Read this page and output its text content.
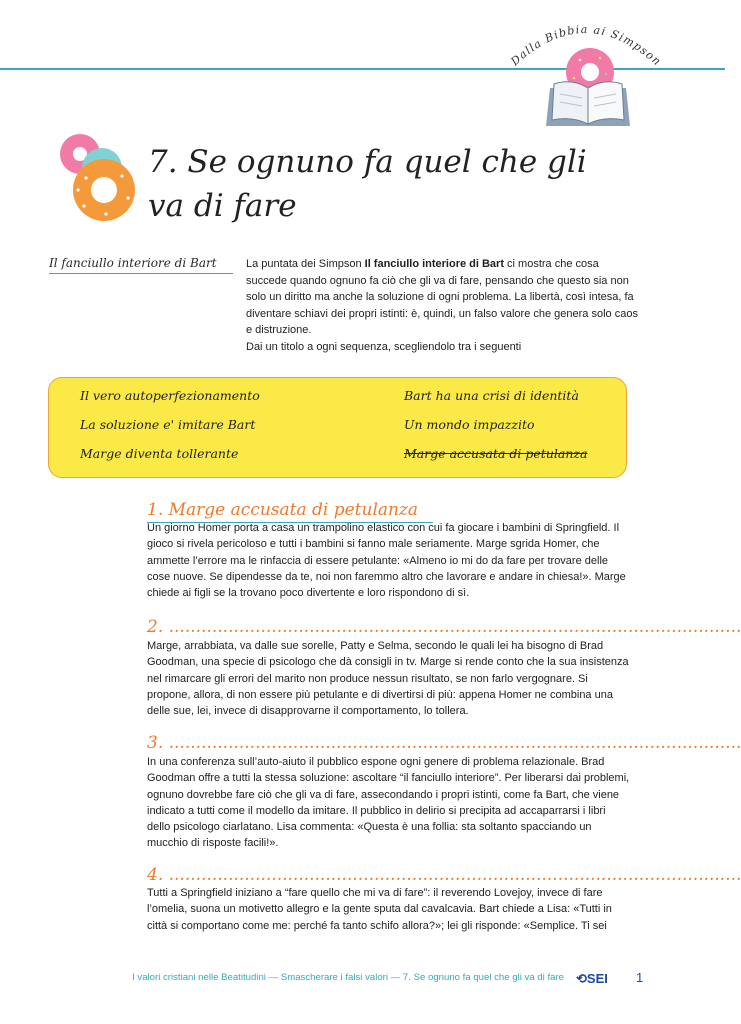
Dalla Bibbia ai Simpson
7. Se ognuno fa quel che gli
va di fare
Il fanciullo interiore di Bart	La puntata dei Simpson Il fanciullo interiore di Bart ci mostra che cosa succede quando ognuno fa ciò che gli va di fare, pensando che questo sia non solo un diritto ma anche la soluzione di ogni problema. La libertà, così intesa, fa diventare schiavi dei propri istinti: è, quindi, un falso valore che genera solo caos e distruzione.
Dai un titolo a ogni sequenza, scegliendolo tra i seguenti
Il vero autoperfezionamento
La soluzione e' imitare Bart
Marge diventa tollerante
Bart ha una crisi di identità
Un mondo impazzito
Marge accusata di petulanza
1. Marge accusata di petulanza
Un giorno Homer porta a casa un trampolino elastico con cui fa giocare i bambini di Springfield. Il gioco si rivela pericoloso e tutti i bambini si fanno male seriamente. Marge sgrida Homer, che ammette l’errore ma le rinfaccia di essere petulante: «Almeno io mi do da fare per trovare delle cose nuove. Se dipendesse da te, noi non faremmo altro che lavorare e andare in chiesa!». Marge chiede ai figli se la trovano poco divertente e loro rispondono di sì.
2. ..........................................................................................................
Marge, arrabbiata, va dalle sue sorelle, Patty e Selma, secondo le quali lei ha bisogno di Brad Goodman, una specie di psicologo che dà consigli in tv. Marge si rende conto che la sua insistenza nel rimarcare gli errori del marito non produce nessun risultato, se non farlo vergognare. Si propone, allora, di non essere più petulante e di divertirsi di più: appena Homer ne combina una delle sue, lei, invece di disapprovarne il comportamento, lo tollera.
3. ..........................................................................................................
In una conferenza sull’auto-aiuto il pubblico espone ogni genere di problema relazionale. Brad Goodman offre a tutti la stessa soluzione: ascoltare “il fanciullo interiore”. Per liberarsi dai problemi, ognuno dovrebbe fare ciò che gli va di fare, assecondando i propri istinti, come fa Bart, che viene indicato a tutti come il modello da imitare. Il pubblico in delirio si precipita ad accaparrarsi i libri dello psicologo ciarlatano. Lisa commenta: «Questa è una follia: sta soltanto spacciando un mucchio di risposte facili!».
4. ..........................................................................................................
Tutti a Springfield iniziano a “fare quello che mi va di fare”: il reverendo Lovejoy, invece di fare l’omelia, suona un motivetto allegro e la gente sputa dal cavalcavia. Bart chiede a Lisa: «Tutti in città si comportano come me: perché fa tanto schifo allora?»; lei gli risponde: «Semplice. Ti sei
I valori cristiani nelle Beatitudini — Smascherare i falsi valori — 7. Se ognuno fa quel che gli va di fare ⟲SEI 1
